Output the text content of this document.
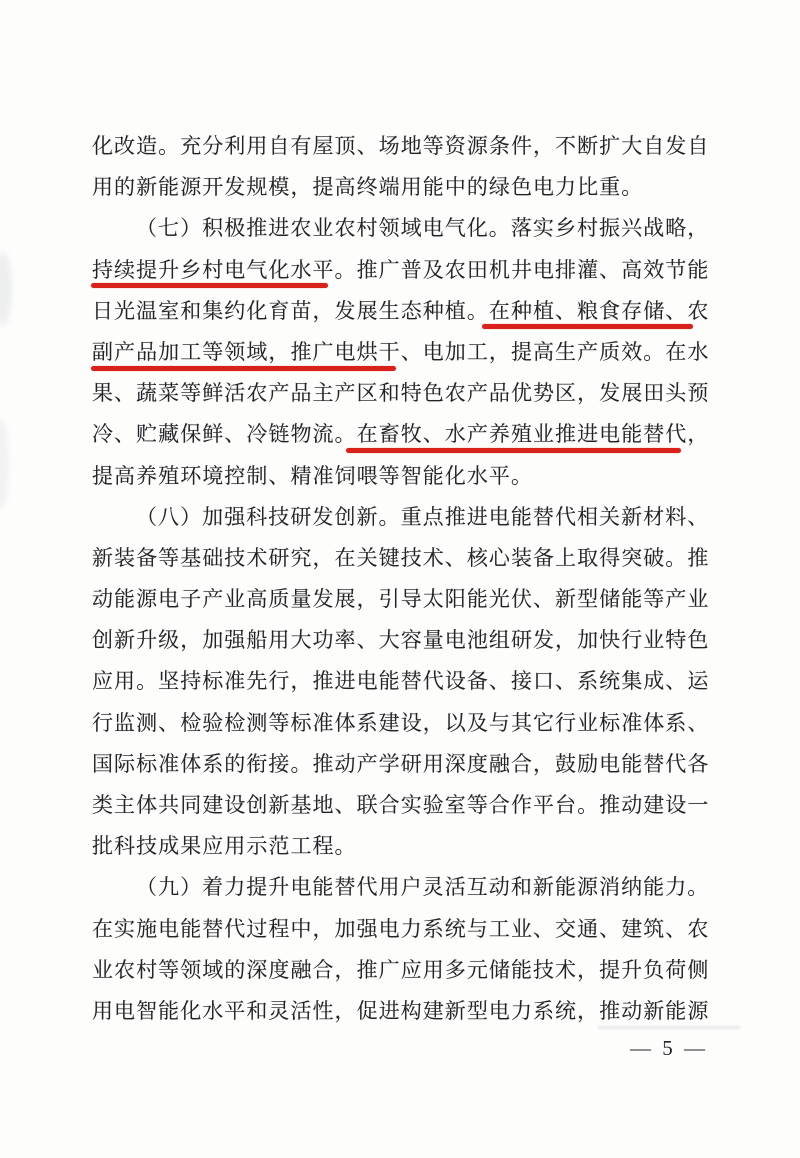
化改造。充分利用自有屋顶、场地等资源条件，不断扩大自发自
用的新能源开发规模，提高终端用能中的绿色电力比重。
（七）积极推进农业农村领域电气化。落实乡村振兴战略，
持续提升乡村电气化水平。推广普及农田机井电排灌、高效节能
日光温室和集约化育苗，发展生态种植。在种植、粮食存储、农
副产品加工等领域，推广电烘干、电加工，提高生产质效。在水
果、蔬菜等鲜活农产品主产区和特色农产品优势区，发展田头预
冷、贮藏保鲜、冷链物流。在畜牧、水产养殖业推进电能替代，
提高养殖环境控制、精准饲喂等智能化水平。
（八）加强科技研发创新。重点推进电能替代相关新材料、
新装备等基础技术研究，在关键技术、核心装备上取得突破。推
动能源电子产业高质量发展，引导太阳能光伏、新型储能等产业
创新升级，加强船用大功率、大容量电池组研发，加快行业特色
应用。坚持标准先行，推进电能替代设备、接口、系统集成、运
行监测、检验检测等标准体系建设，以及与其它行业标准体系、
国际标准体系的衔接。推动产学研用深度融合，鼓励电能替代各
类主体共同建设创新基地、联合实验室等合作平台。推动建设一
批科技成果应用示范工程。
（九）着力提升电能替代用户灵活互动和新能源消纳能力。
在实施电能替代过程中，加强电力系统与工业、交通、建筑、农
业农村等领域的深度融合，推广应用多元储能技术，提升负荷侧
用电智能化水平和灵活性，促进构建新型电力系统，推动新能源
— 5 —
